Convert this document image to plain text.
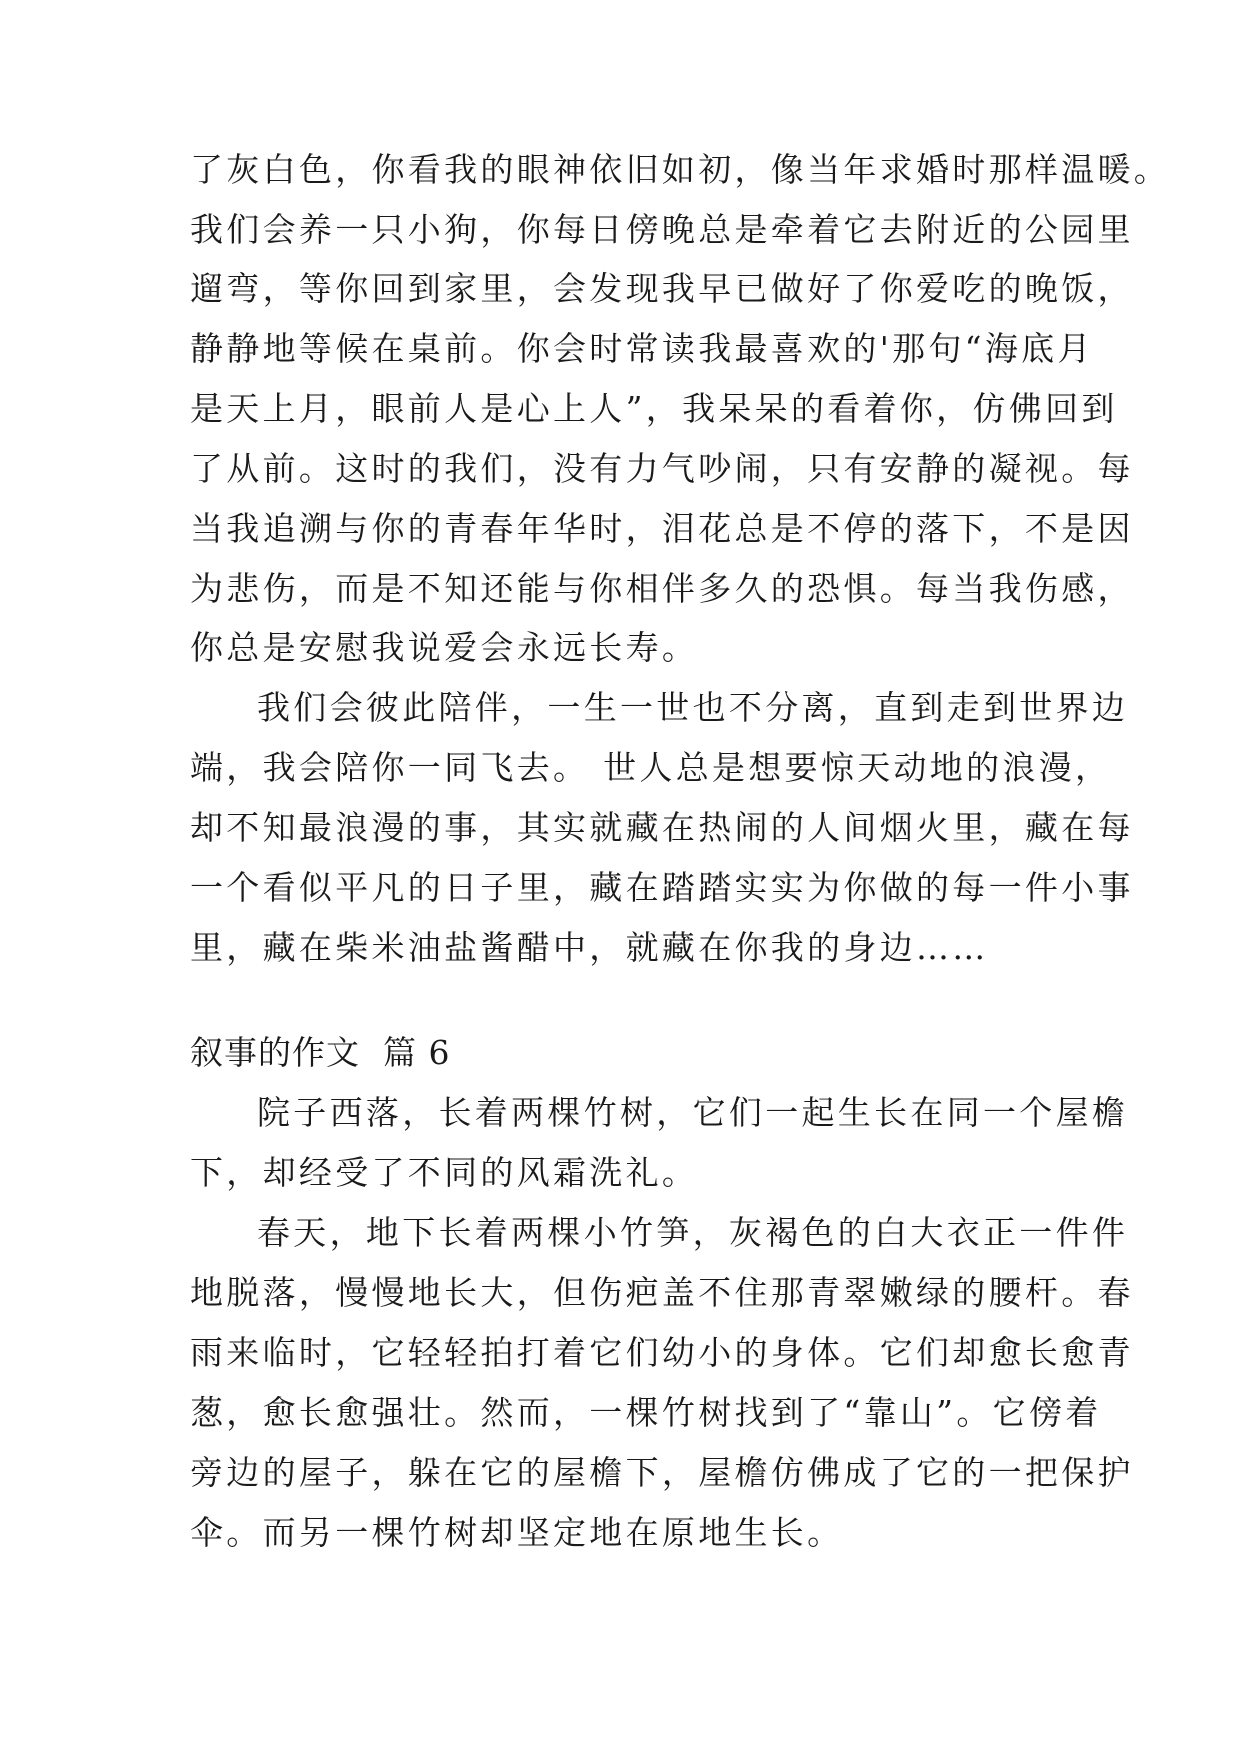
了灰白色，你看我的眼神依旧如初，像当年求婚时那样温暖。
我们会养一只小狗，你每日傍晚总是牵着它去附近的公园里
遛弯，等你回到家里，会发现我早已做好了你爱吃的晚饭，
静静地等候在桌前。你会时常读我最喜欢的'那句“海底月
是天上月，眼前人是心上人”，我呆呆的看着你，仿佛回到
了从前。这时的我们，没有力气吵闹，只有安静的凝视。每
当我追溯与你的青春年华时，泪花总是不停的落下，不是因
为悲伤，而是不知还能与你相伴多久的恐惧。每当我伤感，
你总是安慰我说爱会永远长寿。
我们会彼此陪伴，一生一世也不分离，直到走到世界边
端，我会陪你一同飞去。 世人总是想要惊天动地的浪漫，
却不知最浪漫的事，其实就藏在热闹的人间烟火里，藏在每
一个看似平凡的日子里，藏在踏踏实实为你做的每一件小事
里，藏在柴米油盐酱醋中，就藏在你我的身边……
叙事的作文  篇 6
院子西落，长着两棵竹树，它们一起生长在同一个屋檐
下，却经受了不同的风霜洗礼。
春天，地下长着两棵小竹笋，灰褐色的白大衣正一件件
地脱落，慢慢地长大，但伤疤盖不住那青翠嫩绿的腰杆。春
雨来临时，它轻轻拍打着它们幼小的身体。它们却愈长愈青
葱，愈长愈强壮。然而，一棵竹树找到了“靠山”。它傍着
旁边的屋子，躲在它的屋檐下，屋檐仿佛成了它的一把保护
伞。而另一棵竹树却坚定地在原地生长。
